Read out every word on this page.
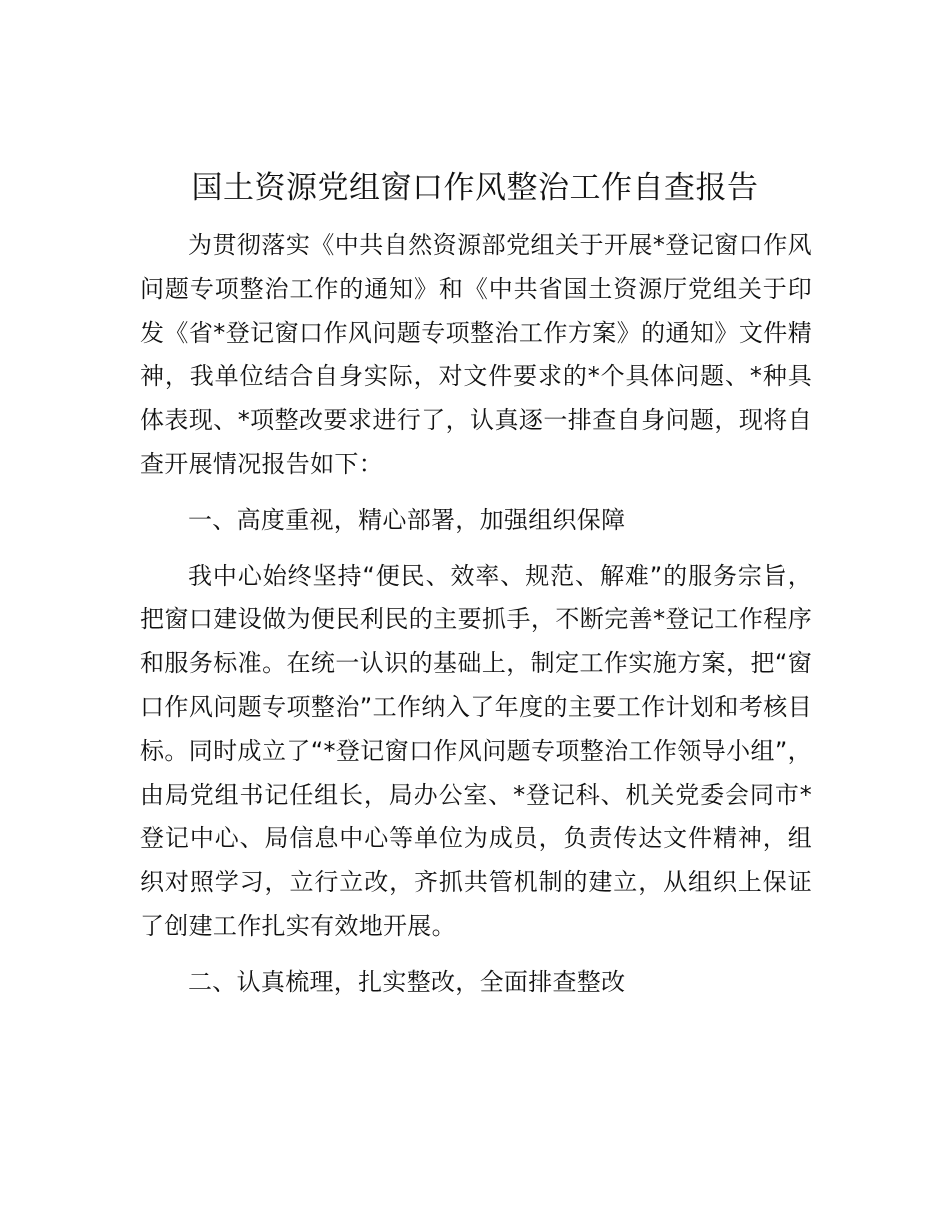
国土资源党组窗口作风整治工作自查报告

为贯彻落实《中共自然资源部党组关于开展*登记窗口作风问题专项整治工作的通知》和《中共省国土资源厅党组关于印发《省*登记窗口作风问题专项整治工作方案》的通知》文件精神，我单位结合自身实际，对文件要求的*个具体问题、*种具体表现、*项整改要求进行了，认真逐一排查自身问题，现将自查开展情况报告如下：

一、高度重视，精心部署，加强组织保障

我中心始终坚持“便民、效率、规范、解难”的服务宗旨，把窗口建设做为便民利民的主要抓手，不断完善*登记工作程序和服务标准。在统一认识的基础上，制定工作实施方案，把“窗口作风问题专项整治”工作纳入了年度的主要工作计划和考核目标。同时成立了“*登记窗口作风问题专项整治工作领导小组”，由局党组书记任组长，局办公室、*登记科、机关党委会同市*登记中心、局信息中心等单位为成员，负责传达文件精神，组织对照学习，立行立改，齐抓共管机制的建立，从组织上保证了创建工作扎实有效地开展。

二、认真梳理，扎实整改，全面排查整改
